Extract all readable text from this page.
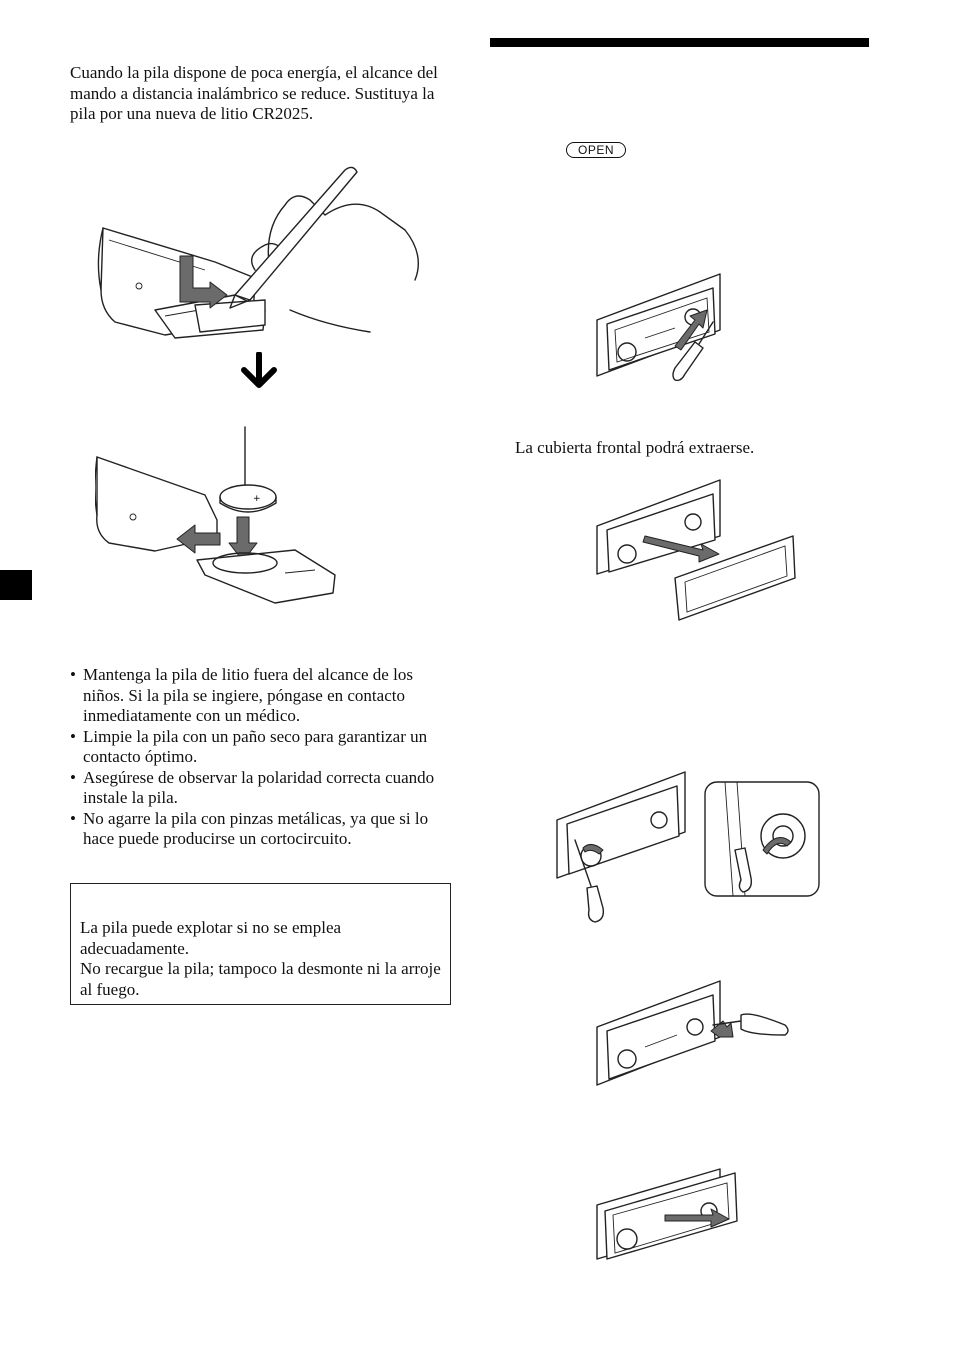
Cuando la pila dispone de poca energía, el alcance del mando a distancia inalámbrico se reduce. Sustituya la pila por una nueva de litio CR2025.
+
• Mantenga la pila de litio fuera del alcance de los niños. Si la pila se ingiere, póngase en contacto inmediatamente con un médico.
• Limpie la pila con un paño seco para garantizar un contacto óptimo.
• Asegúrese de observar la polaridad correcta cuando instale la pila.
• No agarre la pila con pinzas metálicas, ya que si lo hace puede producirse un cortocircuito.
La pila puede explotar si no se emplea adecuadamente.
No recargue la pila; tampoco la desmonte ni la arroje al fuego.
OPEN
La cubierta frontal podrá extraerse.
